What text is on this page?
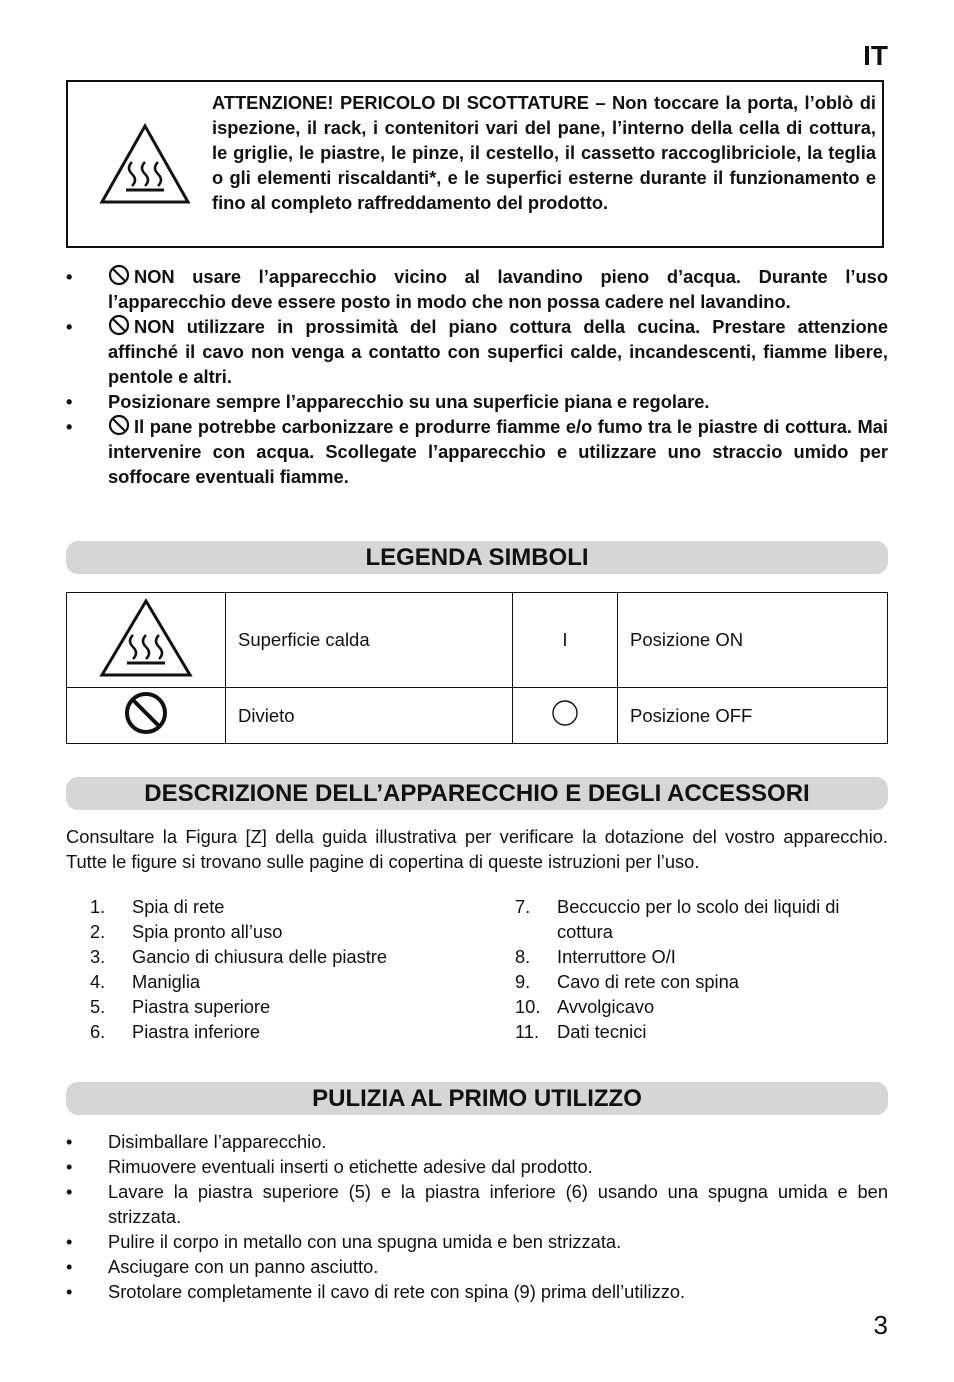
IT
ATTENZIONE! PERICOLO DI SCOTTATURE – Non toccare la porta, l’oblò di ispezione, il rack, i contenitori vari del pane, l’interno della cella di cottura, le griglie, le piastre, le pinze, il cestello, il cassetto raccoglibriciole, la teglia o gli elementi riscaldanti*, e le superfici esterne durante il funzionamento e fino al completo raffreddamento del prodotto.
•	NON usare l’apparecchio vicino al lavandino pieno d’acqua. Durante l’uso l’apparecchio deve essere posto in modo che non possa cadere nel lavandino.
•	NON utilizzare in prossimità del piano cottura della cucina. Prestare attenzione affinché il cavo non venga a contatto con superfici calde, incandescenti, fiamme libere, pentole e altri.
• Posizionare sempre l’apparecchio su una superficie piana e regolare.
•	Il pane potrebbe carbonizzare e produrre fiamme e/o fumo tra le piastre di cottura. Mai intervenire con acqua. Scollegate l’apparecchio e utilizzare uno straccio umido per soffocare eventuali fiamme.
LEGENDA SIMBOLI
	Superficie calda	I	Posizione ON
	Divieto		Posizione OFF
DESCRIZIONE DELL’APPARECCHIO E DEGLI ACCESSORI
Consultare la Figura [Z] della guida illustrativa per verificare la dotazione del vostro apparecchio. Tutte le figure si trovano sulle pagine di copertina di queste istruzioni per l’uso.
1. Spia di rete
2. Spia pronto all’uso
3. Gancio di chiusura delle piastre
4. Maniglia
5. Piastra superiore
6. Piastra inferiore
7. Beccuccio per lo scolo dei liquidi di cottura
8. Interruttore O/I
9. Cavo di rete con spina
10. Avvolgicavo
11. Dati tecnici
PULIZIA AL PRIMO UTILIZZO
• Disimballare l’apparecchio.
• Rimuovere eventuali inserti o etichette adesive dal prodotto.
• Lavare la piastra superiore (5) e la piastra inferiore (6) usando una spugna umida e ben strizzata.
• Pulire il corpo in metallo con una spugna umida e ben strizzata.
• Asciugare con un panno asciutto.
• Srotolare completamente il cavo di rete con spina (9) prima dell’utilizzo.
3
